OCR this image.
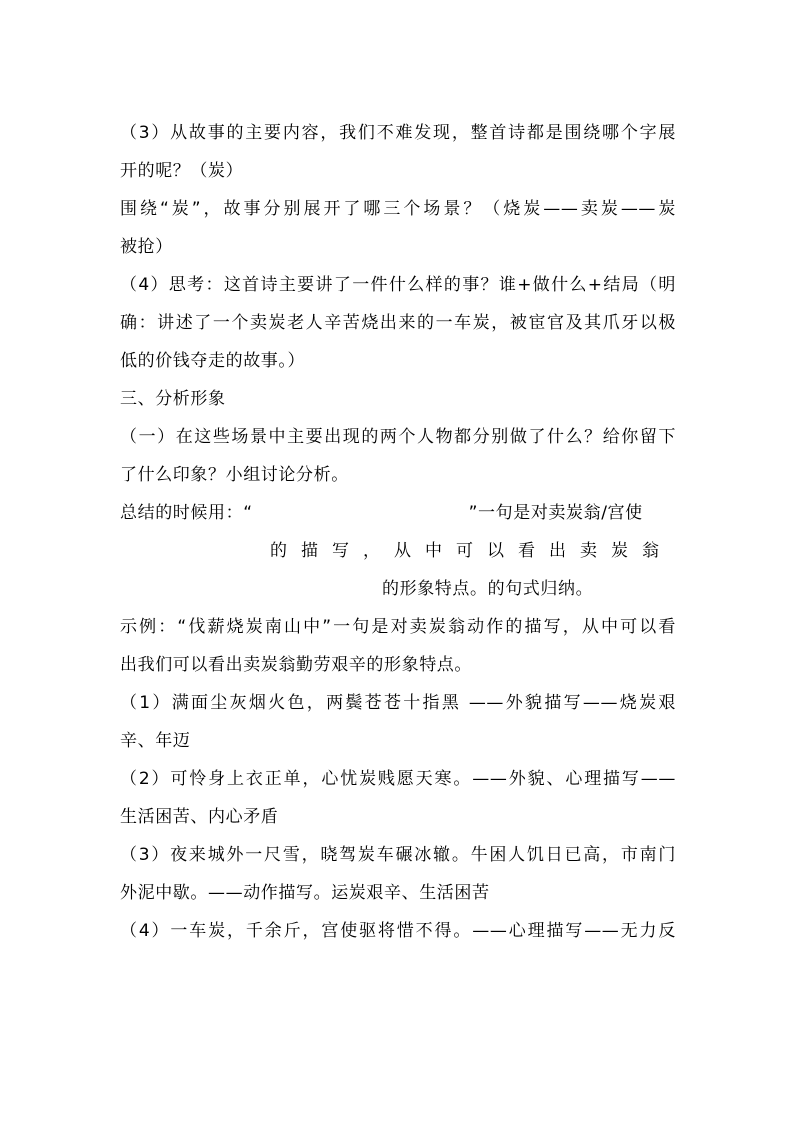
（3）从故事的主要内容，我们不难发现，整首诗都是围绕哪个字展
开的呢？（炭）
围绕“炭”，故事分别展开了哪三个场景？（烧炭——卖炭——炭
被抢）
（4）思考：这首诗主要讲了一件什么样的事？谁+做什么+结局（明
确：讲述了一个卖炭老人辛苦烧出来的一车炭，被宦官及其爪牙以极
低的价钱夺走的故事。）
三、分析形象
（一）在这些场景中主要出现的两个人物都分别做了什么？给你留下
了什么印象？小组讨论分析。
总结的时候用：“	”一句是对卖炭翁/宫使
的描写，从中可以看出卖炭翁
的形象特点。的句式归纳。
示例：“伐薪烧炭南山中”一句是对卖炭翁动作的描写，从中可以看
出我们可以看出卖炭翁勤劳艰辛的形象特点。
（1）满面尘灰烟火色，两鬓苍苍十指黑 ——外貌描写——烧炭艰
辛、年迈
（2）可怜身上衣正单，心忧炭贱愿天寒。——外貌、心理描写——
生活困苦、内心矛盾
（3）夜来城外一尺雪，晓驾炭车碾冰辙。牛困人饥日已高，市南门
外泥中歇。——动作描写。运炭艰辛、生活困苦
（4）一车炭，千余斤，宫使驱将惜不得。——心理描写——无力反
